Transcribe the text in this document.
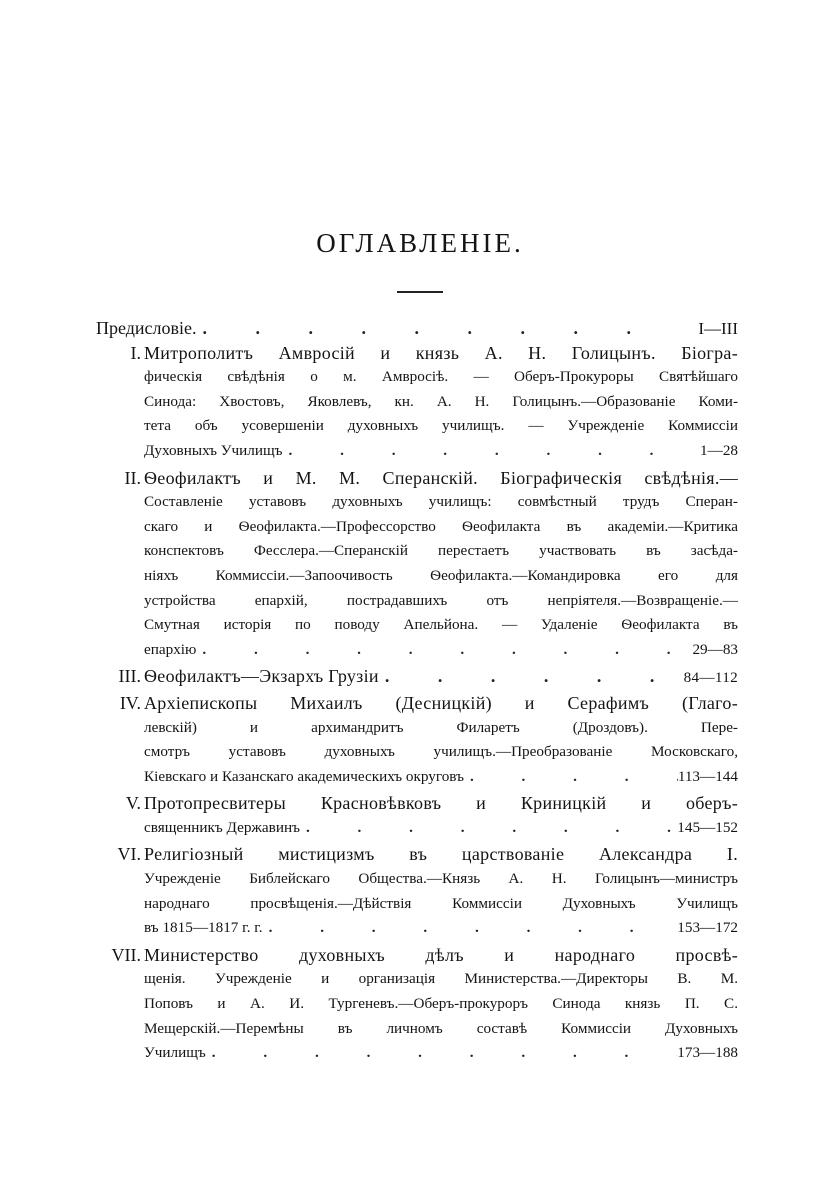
ОГЛАВЛЕНІЕ.
Предисловіе. . . .	I—III
I. Митрополитъ Амвросій и князь А. Н. Голицынъ. Біогра-
фическія свѣдѣнія о м. Амвросіѣ. — Оберъ-Прокуроры Святѣйшаго
Синода: Хвостовъ, Яковлевъ, кн. А. Н. Голицынъ.—Образованіе Коми-
тета объ усовершеніи духовныхъ училищъ. — Учрежденіе Коммиссіи
Духовныхъ Училищъ . . .	1—28
II. Ѳеофилактъ и М. М. Сперанскій. Біографическія свѣдѣнія.—
Составленіе уставовъ духовныхъ училищъ: совмѣстный трудъ Сперан-
скаго и Ѳеофилакта.—Профессорство Ѳеофилакта въ академіи.—Критика
конспектовъ Фесслера.—Сперанскій перестаетъ участвовать въ засѣда-
ніяхъ Коммиссіи.—Запоочивость Ѳеофилакта.—Командировка его для
устройства епархій, пострадавшихъ отъ непріятеля.—Возвращеніе.—
Смутная исторія по поводу Апельйона. — Удаленіе Ѳеофилакта въ
епархію . . .	29—83
III. Ѳеофилактъ—Экзархъ Грузіи . . .	84—112
IV. Архіепископы Михаилъ (Десницкій) и Серафимъ (Глаго-
левскій) и архимандритъ Филаретъ (Дроздовъ). Пере-
смотръ уставовъ духовныхъ училищъ.—Преобразованіе Московскаго,
Кіевскаго и Казанскаго академическихъ округовъ . . .	113—144
V. Протопресвитеры Красновѣвковъ и Криницкій и оберъ-
священникъ Державинъ . . .	145—152
VI. Религіозный мистицизмъ въ царствованіе Александра I.
Учрежденіе Библейскаго Общества.—Князь А. Н. Голицынъ—министръ
народнаго просвѣщенія.—Дѣйствія Коммиссіи Духовныхъ Училищъ
въ 1815—1817 г. г. . . .	153—172
VII. Министерство духовныхъ дѣлъ и народнаго просвѣ-
щенія. Учрежденіе и организація Министерства.—Директоры В. М.
Поповъ и А. И. Тургеневъ.—Оберъ-прокуроръ Синода князь П. С.
Мещерскій.—Перемѣны въ личномъ составѣ Коммиссіи Духовныхъ
Училищъ . . .	173—188
